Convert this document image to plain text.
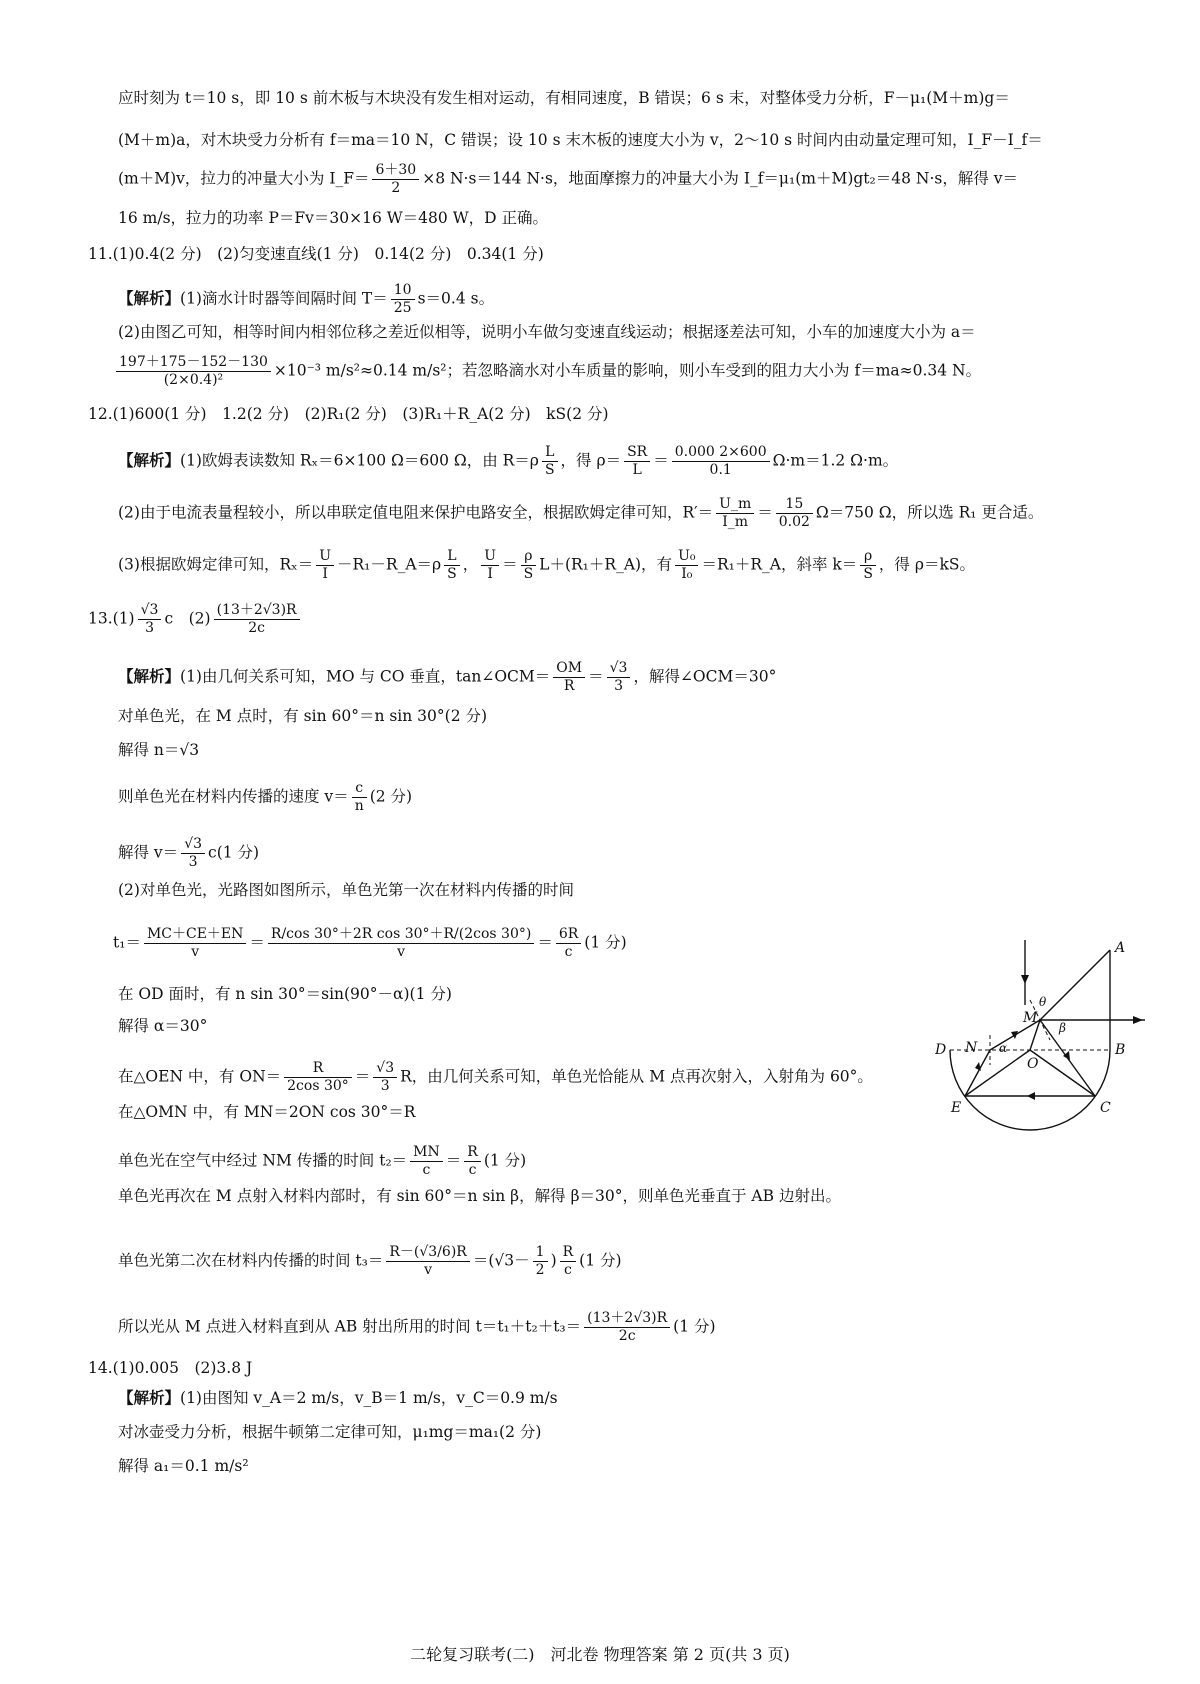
应时刻为 t＝10 s，即 10 s 前木板与木块没有发生相对运动，有相同速度，B 错误；6 s 末，对整体受力分析，F－μ₁(M＋m)g＝
(M＋m)a，对木块受力分析有 f＝ma＝10 N，C 错误；设 10 s 末木板的速度大小为 v，2～10 s 时间内由动量定理可知，I_F－I_f＝
(m＋M)v，拉力的冲量大小为 I_F＝ $\frac{6+30}{2} \times 8$ N·s＝144 N·s，地面摩擦力的冲量大小为 I_f＝μ₁(m＋M)gt₂＝48 N·s，解得 v＝
16 m/s，拉力的功率 P＝Fv＝30×16 W＝480 W，D 正确。
11.(1)0.4(2 分)　(2)匀变速直线(1 分)　0.14(2 分)　0.34(1 分)
【解析】(1)滴水计时器等间隔时间 $T= \frac{10}{25} s=0.4$ s。
(2)由图乙可知，相等时间内相邻位移之差近似相等，说明小车做匀变速直线运动；根据逐差法可知，小车的加速度大小为 a＝
$\frac{197+175-152-130}{\text{(2×0.4)²}} \times 10^{-3}$ m/s²≈0.14 m/s²；若忽略滴水对小车质量的影响，则小车受到的阻力大小为 f＝ma≈0.34 N。
12.(1)600(1 分)　1.2(2 分)　(2)R₁(2 分)　(3)R₁＋R_A(2 分)　kS(2 分)
【解析】(1)欧姆表读数知 Rₓ＝6×100 Ω＝600 Ω，由 $R=\rho \frac{L}{S}$ ，得 $\rho= \frac{SR}{L} = \frac{0.000 2\times 600}{0.1} \Omega\cdot m=1.2$ Ω·m。
(2)由于电流表量程较小，所以串联定值电阻来保护电路安全，根据欧姆定律可知，$R'= \frac{U\_m}{I\_m} = \frac{15}{0.02} \Omega=750$ Ω，所以选 R₁ 更合适。
(3)根据欧姆定律可知，$R_x= \frac{U}{I}$ －R₁－R_A＝ρ $\frac{L}{S}$ ， $\frac{U}{I} = \frac{\rho}{S}$ L＋(R₁＋R_A)，有 $\frac{\text{U₀}}{\text{I₀}}$ ＝R₁＋R_A，斜率 $k= \frac{\rho}{S}$ ，得 ρ＝kS。
$13.(1) \frac{√3}{3}$ c　$(2) \frac{(13+2√3)R}{2c}$
【解析】(1)由几何关系可知，MO 与 CO 垂直，tan∠OCM＝ $\frac{OM}{R} = \frac{√3}{3}$ ，解得∠OCM＝30°
对单色光，在 M 点时，有 sin 60°＝n sin 30°(2 分)
解得 n＝√3
则单色光在材料内传播的速度 $v= \frac{c}{n} (2$ 分)
解得 $v= \frac{√3}{3} c(1$ 分)
(2)对单色光，光路图如图所示，单色光第一次在材料内传播的时间
$t_1= \frac{MC+CE+EN}{v} = \frac{\text{R/cos 30°＋2R cos 30°＋R/(2cos 30°)}}{v} = \frac{6R}{c} (1$ 分)
在 OD 面时，有 n sin 30°＝sin(90°－α)(1 分)
解得 α＝30°
在△OEN 中，有 $ON= \frac{R}{2\cos 30^\circ} = \frac{√3}{3}$ R，由几何关系可知，单色光恰能从 M 点再次射入，入射角为 60°。
在△OMN 中，有 MN＝2ON cos 30°＝R
单色光在空气中经过 NM 传播的时间 $t_2= \frac{MN}{c} = \frac{R}{c} (1$ 分)
单色光再次在 M 点射入材料内部时，有 sin 60°＝n sin β，解得 β＝30°，则单色光垂直于 AB 边射出。
单色光第二次在材料内传播的时间 $t_3= \frac{R-(√3/6)R}{v} =(√3- \frac{1}{2}$ ) $\frac{R}{c} (1$ 分)
所以光从 M 点进入材料直到从 AB 射出所用的时间 $t=t_1+t_2+t_3= \frac{(13+2√3)R}{2c} (1$ 分)
A
B
C
D
E
M
N
O
θ
α
β
14.(1)0.005　(2)3.8 J
【解析】(1)由图知 v_A＝2 m/s，v_B＝1 m/s，v_C＝0.9 m/s
对冰壶受力分析，根据牛顿第二定律可知，μ₁mg＝ma₁(2 分)
解得 a₁＝0.1 m/s²
二轮复习联考(二)　河北卷 物理答案 第 2 页(共 3 页)
